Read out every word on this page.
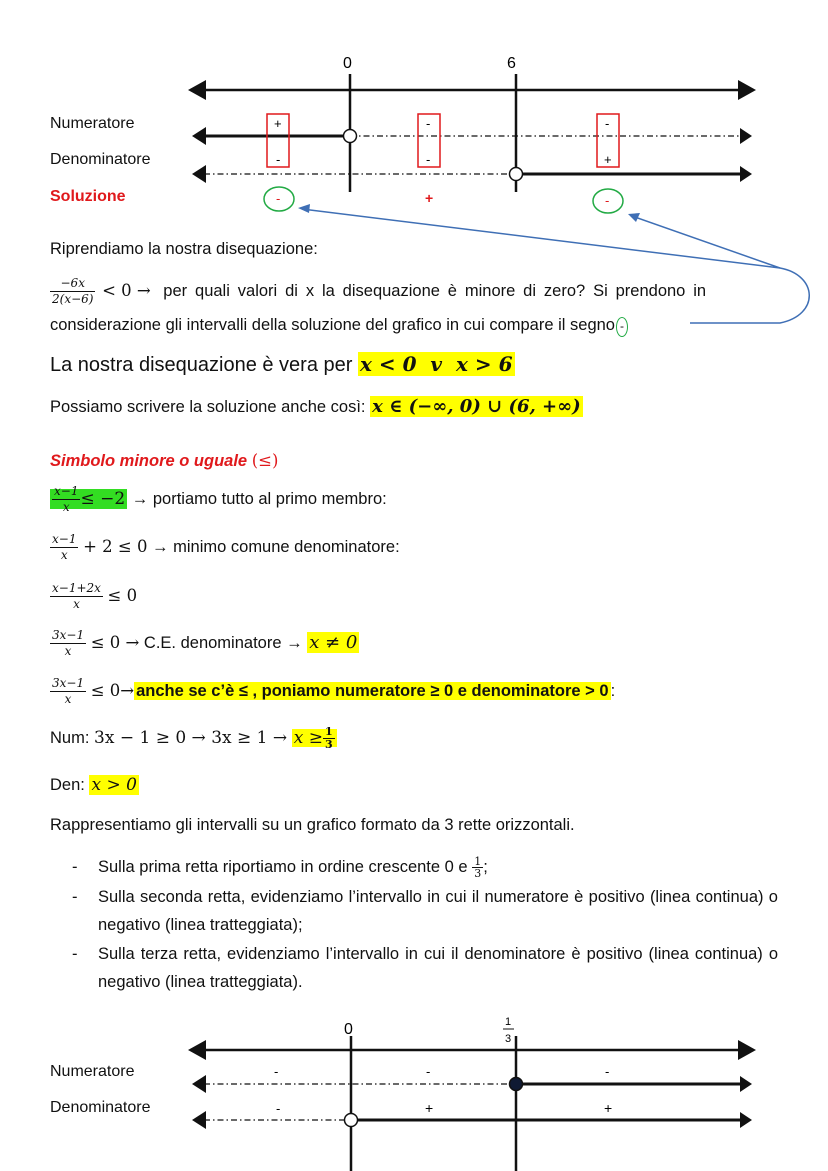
0	6
+	-	-
-	-	+
-	+	-
Numeratore
Denominatore
Soluzione
Riprendiamo la nostra disequazione:
$\frac{-6x}{2(x-6)} < 0$ → per quali valori di x la disequazione è minore di zero? Si prendono in
considerazione gli intervalli della soluzione del grafico in cui compare il segno -
La nostra disequazione è vera per x < 0  v  x > 6
Possiamo scrivere la soluzione anche così: x ∈ (−∞, 0) ∪ (6, +∞)
Simbolo minore o uguale (≤)
$\frac{x-1}{x} \le -2$ → portiamo tutto al primo membro:
$\frac{x-1}{x} + 2 \le 0$ → minimo comune denominatore:
$\frac{x-1+2x}{x} \le 0$
$\frac{3x-1}{x} \le 0 \to C.E$. denominatore → x ≠ 0
$\frac{3x-1}{x} \le 0\to$ anche se c’è ≤ , poniamo numeratore ≥ 0 e denominatore > 0 :
Num: $3x - 1 \ge 0 \to 3x \ge 1 \to x \ge \frac{1}{3}$
Den: x > 0
Rappresentiamo gli intervalli su un grafico formato da 3 rette orizzontali.
- Sulla prima retta riportiamo in ordine crescente 0 e $\frac{1}{3}$ ;
- Sulla seconda retta, evidenziamo l’intervallo in cui il numeratore è positivo (linea continua) o negativo (linea tratteggiata);
- Sulla terza retta, evidenziamo l’intervallo in cui il denominatore è positivo (linea continua) o negativo (linea tratteggiata).
0	1
3
-	-	-
-	+	+
Numeratore
Denominatore
